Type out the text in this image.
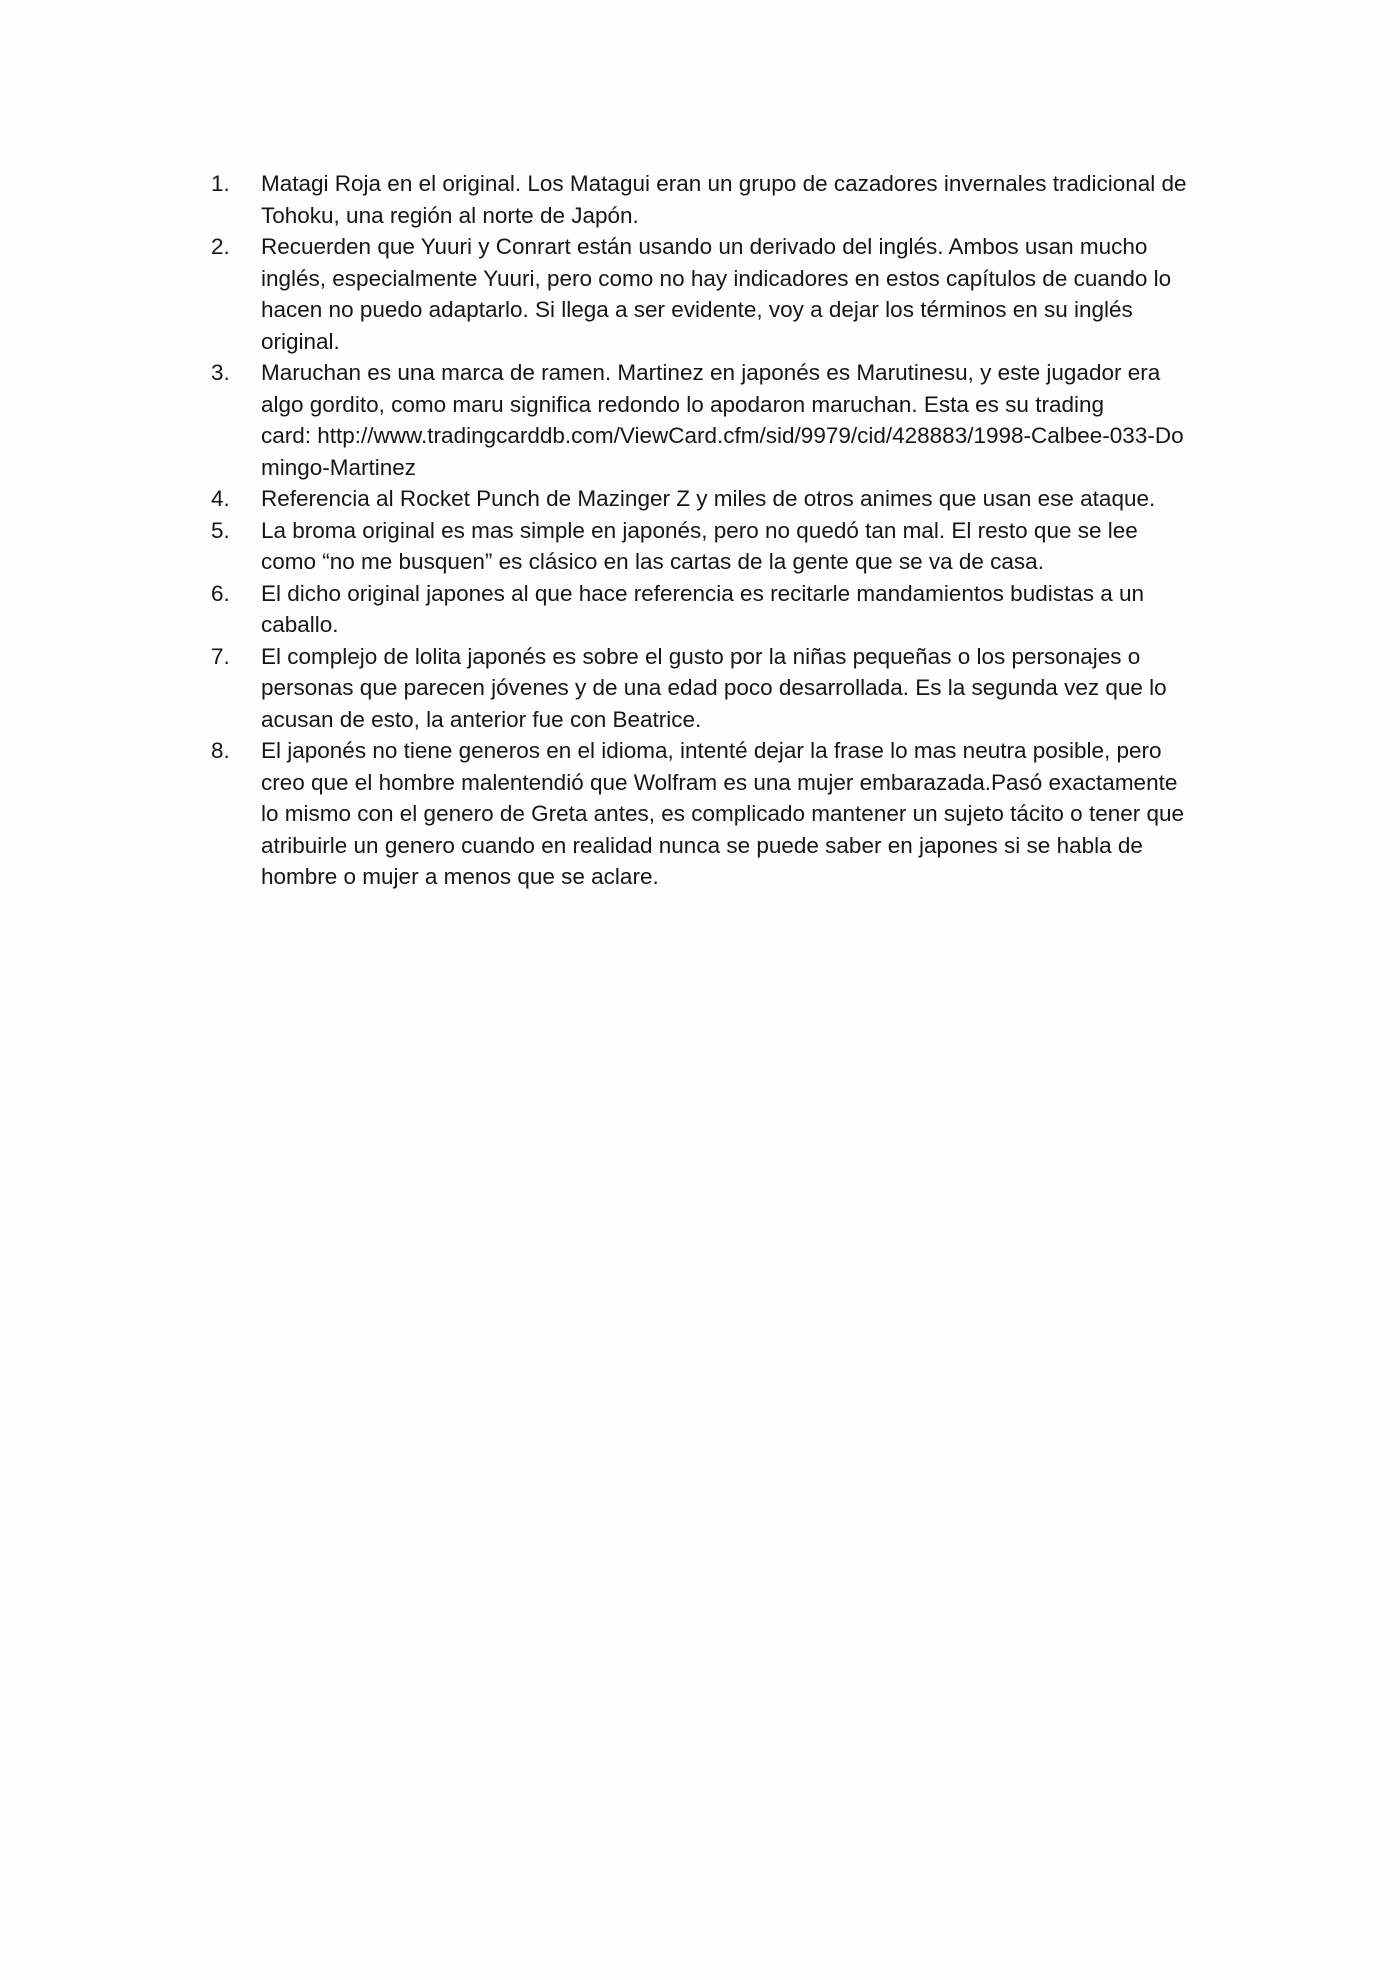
1.	Matagi Roja en el original. Los Matagui eran un grupo de cazadores invernales tradicional de Tohoku, una región al norte de Japón.
2.	Recuerden que Yuuri y Conrart están usando un derivado del inglés. Ambos usan mucho inglés, especialmente Yuuri, pero como no hay indicadores en estos capítulos de cuando lo hacen no puedo adaptarlo. Si llega a ser evidente, voy a dejar los términos en su inglés original.
3.	Maruchan es una marca de ramen. Martinez en japonés es Marutinesu, y este jugador era algo gordito, como maru significa redondo lo apodaron maruchan. Esta es su trading
card: http://www.tradingcarddb.com/ViewCard.cfm/sid/9979/cid/428883/1998-Calbee-033-Domingo-Martinez
4.	Referencia al Rocket Punch de Mazinger Z y miles de otros animes que usan ese ataque.
5.	La broma original es mas simple en japonés, pero no quedó tan mal. El resto que se lee como “no me busquen” es clásico en las cartas de la gente que se va de casa.
6.	El dicho original japones al que hace referencia es recitarle mandamientos budistas a un caballo.
7.	El complejo de lolita japonés es sobre el gusto por la niñas pequeñas o los personajes o personas que parecen jóvenes y de una edad poco desarrollada. Es la segunda vez que lo acusan de esto, la anterior fue con Beatrice.
8.	El japonés no tiene generos en el idioma, intenté dejar la frase lo mas neutra posible, pero creo que el hombre malentendió que Wolfram es una mujer embarazada.Pasó exactamente lo mismo con el genero de Greta antes, es complicado mantener un sujeto tácito o tener que atribuirle un genero cuando en realidad nunca se puede saber en japones si se habla de hombre o mujer a menos que se aclare.
